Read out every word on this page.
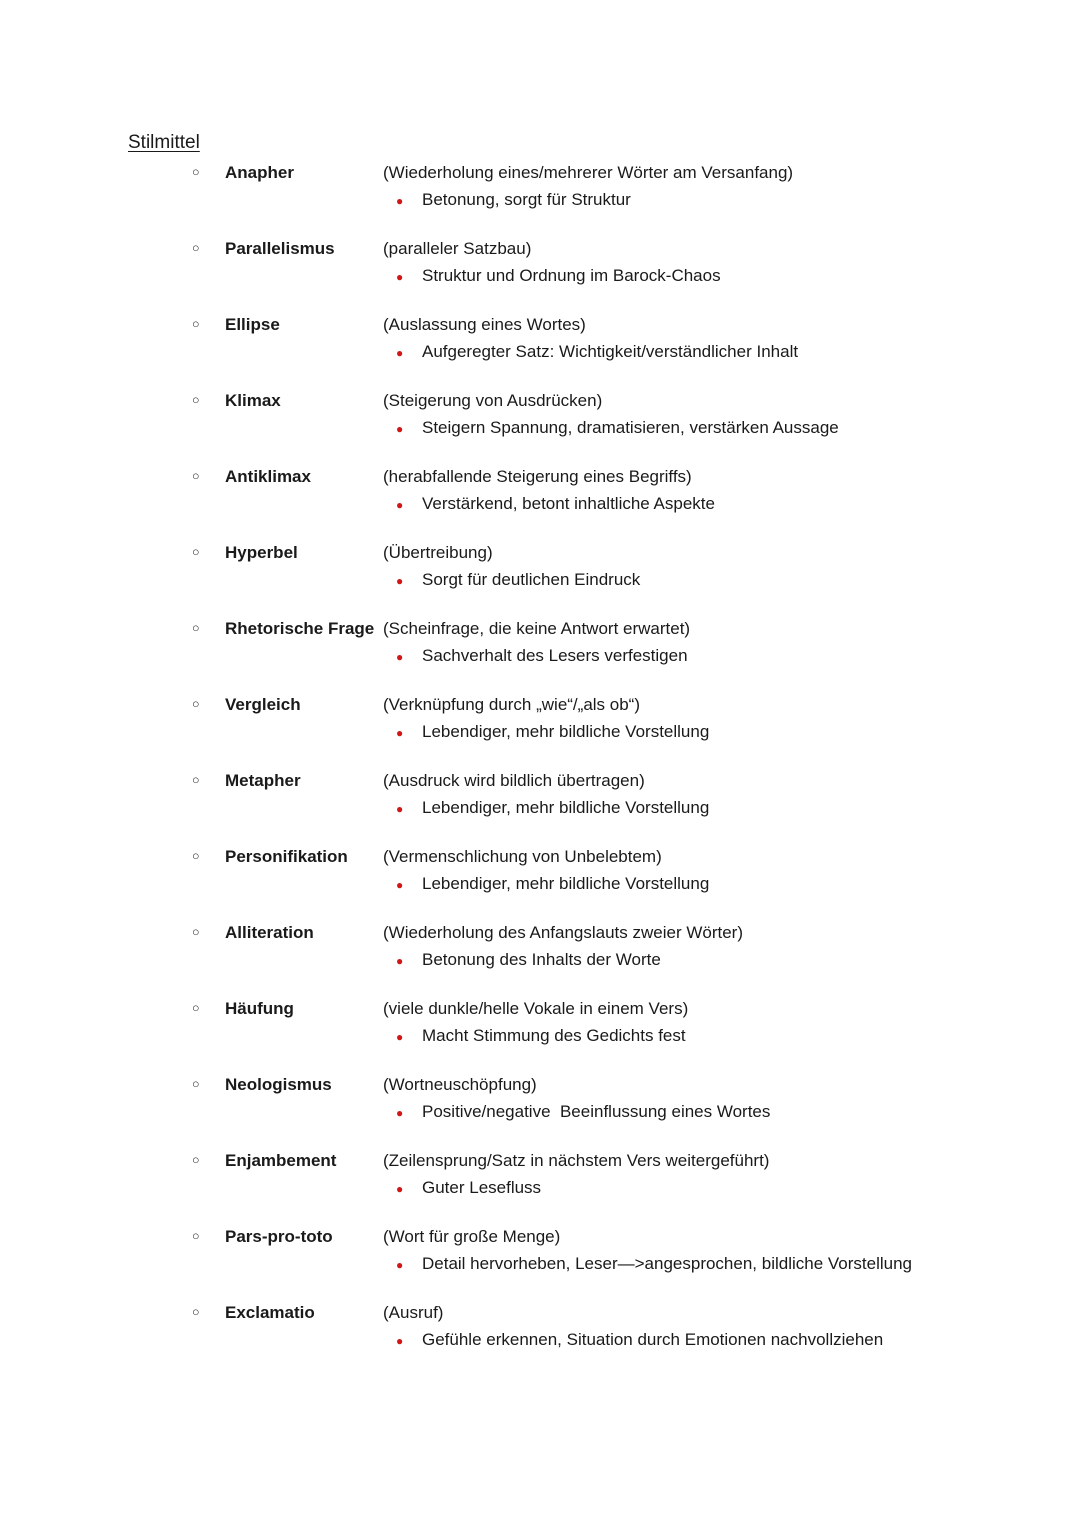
Stilmittel
○	Anapher	(Wiederholung eines/mehrerer Wörter am Versanfang)
●	Betonung, sorgt für Struktur
○	Parallelismus	(paralleler Satzbau)
●	Struktur und Ordnung im Barock-Chaos
○	Ellipse	(Auslassung eines Wortes)
●	Aufgeregter Satz: Wichtigkeit/verständlicher Inhalt
○	Klimax	(Steigerung von Ausdrücken)
●	Steigern Spannung, dramatisieren, verstärken Aussage
○	Antiklimax	(herabfallende Steigerung eines Begriffs)
●	Verstärkend, betont inhaltliche Aspekte
○	Hyperbel	(Übertreibung)
●	Sorgt für deutlichen Eindruck
○	Rhetorische Frage (Scheinfrage, die keine Antwort erwartet)
●	Sachverhalt des Lesers verfestigen
○	Vergleich	(Verknüpfung durch „wie“/„als ob“)
●	Lebendiger, mehr bildliche Vorstellung
○	Metapher	(Ausdruck wird bildlich übertragen)
●	Lebendiger, mehr bildliche Vorstellung
○	Personifikation	(Vermenschlichung von Unbelebtem)
●	Lebendiger, mehr bildliche Vorstellung
○	Alliteration	(Wiederholung des Anfangslauts zweier Wörter)
●	Betonung des Inhalts der Worte
○	Häufung	(viele dunkle/helle Vokale in einem Vers)
●	Macht Stimmung des Gedichts fest
○	Neologismus	(Wortneuschöpfung)
●	Positive/negative  Beeinflussung eines Wortes
○	Enjambement	(Zeilensprung/Satz in nächstem Vers weitergeführt)
●	Guter Lesefluss
○	Pars-pro-toto	(Wort für große Menge)
●	Detail hervorheben, Leser—>angesprochen, bildliche Vorstellung
○	Exclamatio	(Ausruf)
●	Gefühle erkennen, Situation durch Emotionen nachvollziehen
